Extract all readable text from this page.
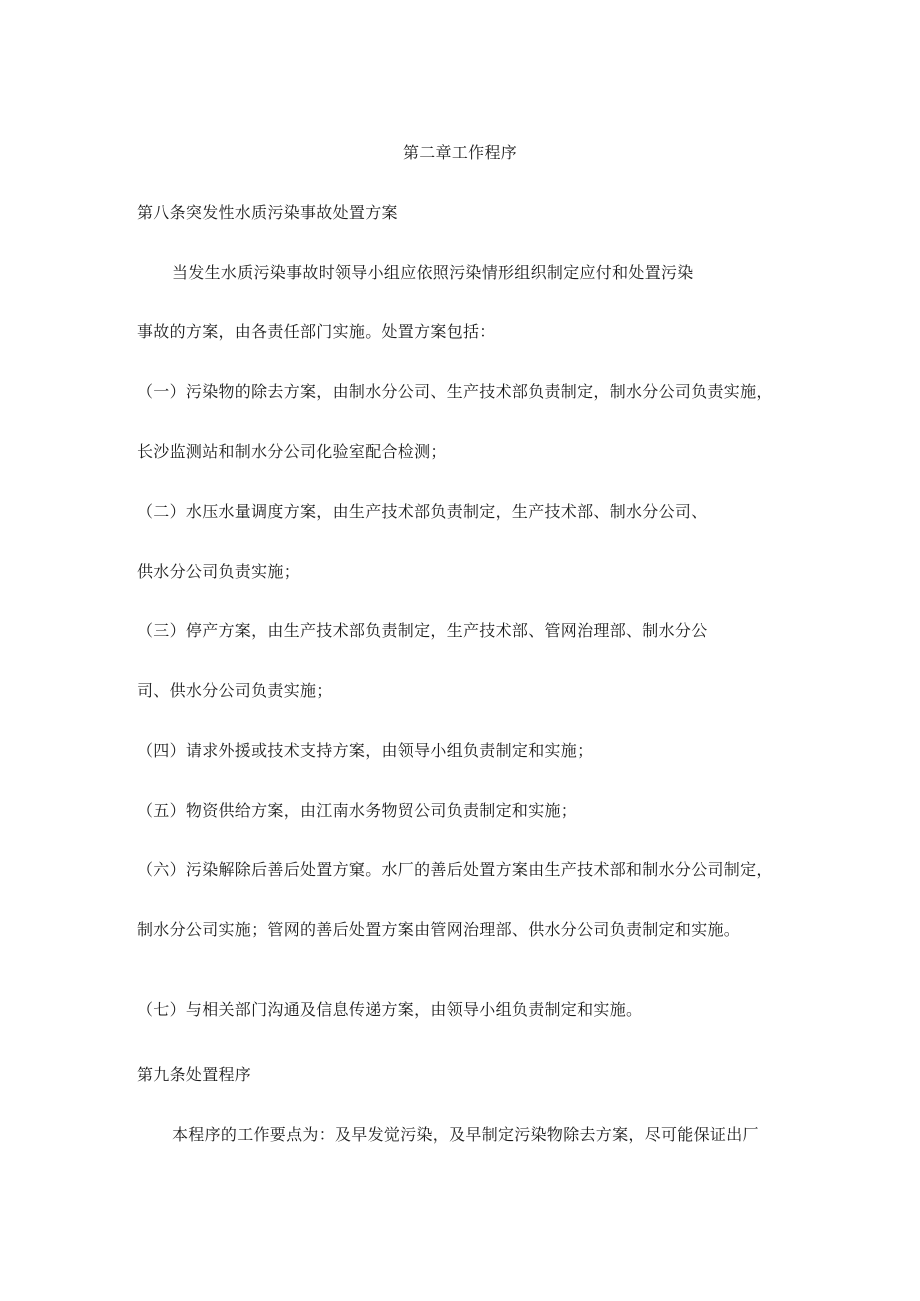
第二章工作程序
第八条突发性水质污染事故处置方案
当发生水质污染事故时领导小组应依照污染情形组织制定应付和处置污染
事故的方案，由各责任部门实施。处置方案包括：
（一）污染物的除去方案，由制水分公司、生产技术部负责制定，制水分公司负责实施，
长沙监测站和制水分公司化验室配合检测；
（二）水压水量调度方案，由生产技术部负责制定，生产技术部、制水分公司、
供水分公司负责实施；
（三）停产方案，由生产技术部负责制定，生产技术部、管网治理部、制水分公
司、供水分公司负责实施；
（四）请求外援或技术支持方案，由领导小组负责制定和实施；
（五）物资供给方案，由江南水务物贸公司负责制定和实施；
（六）污染解除后善后处置方窠。水厂的善后处置方案由生产技术部和制水分公司制定，
制水分公司实施；管网的善后处置方案由管网治理部、供水分公司负责制定和实施。
（七）与相关部门沟通及信息传递方案，由领导小组负责制定和实施。
第九条处置程序
本程序的工作要点为：及早发觉污染，及早制定污染物除去方案，尽可能保证出厂
